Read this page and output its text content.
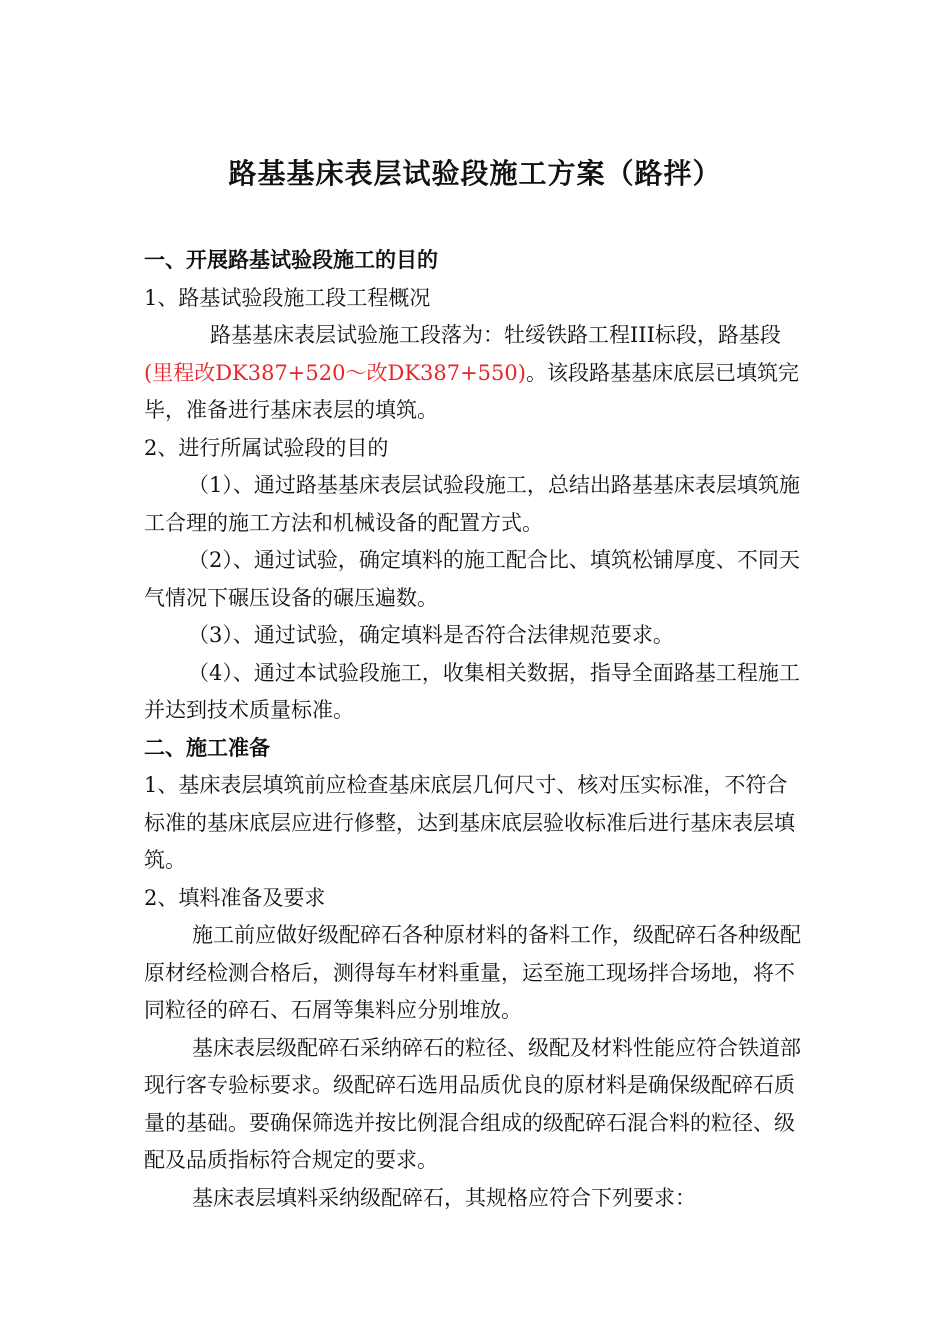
路基基床表层试验段施工方案（路拌）

一、开展路基试验段施工的目的

1、路基试验段施工段工程概况

路基基床表层试验施工段落为：牡绥铁路工程III标段，路基段(里程改DK387+520～改DK387+550)。该段路基基床底层已填筑完毕，准备进行基床表层的填筑。

2、进行所属试验段的目的

（1）、通过路基基床表层试验段施工，总结出路基基床表层填筑施工合理的施工方法和机械设备的配置方式。

（2）、通过试验，确定填料的施工配合比、填筑松铺厚度、不同天气情况下碾压设备的碾压遍数。

（3）、通过试验，确定填料是否符合法律规范要求。

（4）、通过本试验段施工，收集相关数据，指导全面路基工程施工并达到技术质量标准。

二、施工准备

1、基床表层填筑前应检查基床底层几何尺寸、核对压实标准，不符合标准的基床底层应进行修整，达到基床底层验收标准后进行基床表层填筑。

2、填料准备及要求

施工前应做好级配碎石各种原材料的备料工作，级配碎石各种级配原材经检测合格后，测得每车材料重量，运至施工现场拌合场地，将不同粒径的碎石、石屑等集料应分别堆放。

基床表层级配碎石采纳碎石的粒径、级配及材料性能应符合铁道部现行客专验标要求。级配碎石选用品质优良的原材料是确保级配碎石质量的基础。要确保筛选并按比例混合组成的级配碎石混合料的粒径、级配及品质指标符合规定的要求。

基床表层填料采纳级配碎石，其规格应符合下列要求：
